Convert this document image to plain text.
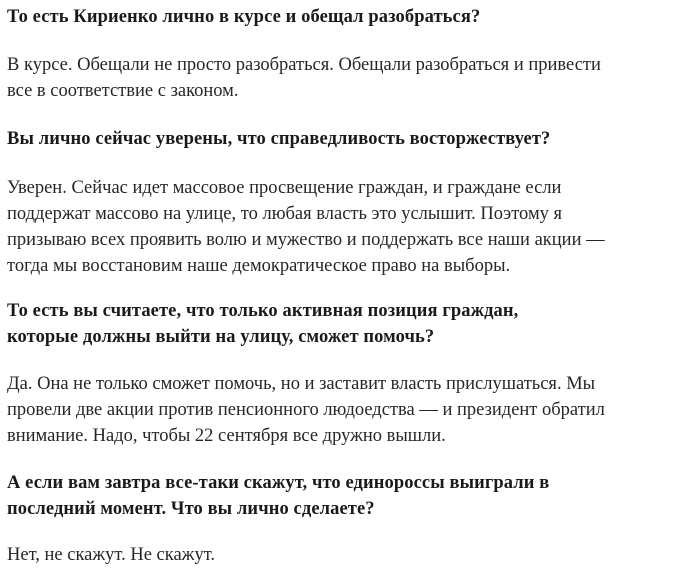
То есть Кириенко лично в курсе и обещал разобраться?

В курсе. Обещали не просто разобраться. Обещали разобраться и привести
все в соответствие с законом.

Вы лично сейчас уверены, что справедливость восторжествует?

Уверен. Сейчас идет массовое просвещение граждан, и граждане если
поддержат массово на улице, то любая власть это услышит. Поэтому я
призываю всех проявить волю и мужество и поддержать все наши акции —
тогда мы восстановим наше демократическое право на выборы.

То есть вы считаете, что только активная позиция граждан,
которые должны выйти на улицу, сможет помочь?

Да. Она не только сможет помочь, но и заставит власть прислушаться. Мы
провели две акции против пенсионного людоедства — и президент обратил
внимание. Надо, чтобы 22 сентября все дружно вышли.

А если вам завтра все-таки скажут, что единороссы выиграли в
последний момент. Что вы лично сделаете?

Нет, не скажут. Не скажут.
